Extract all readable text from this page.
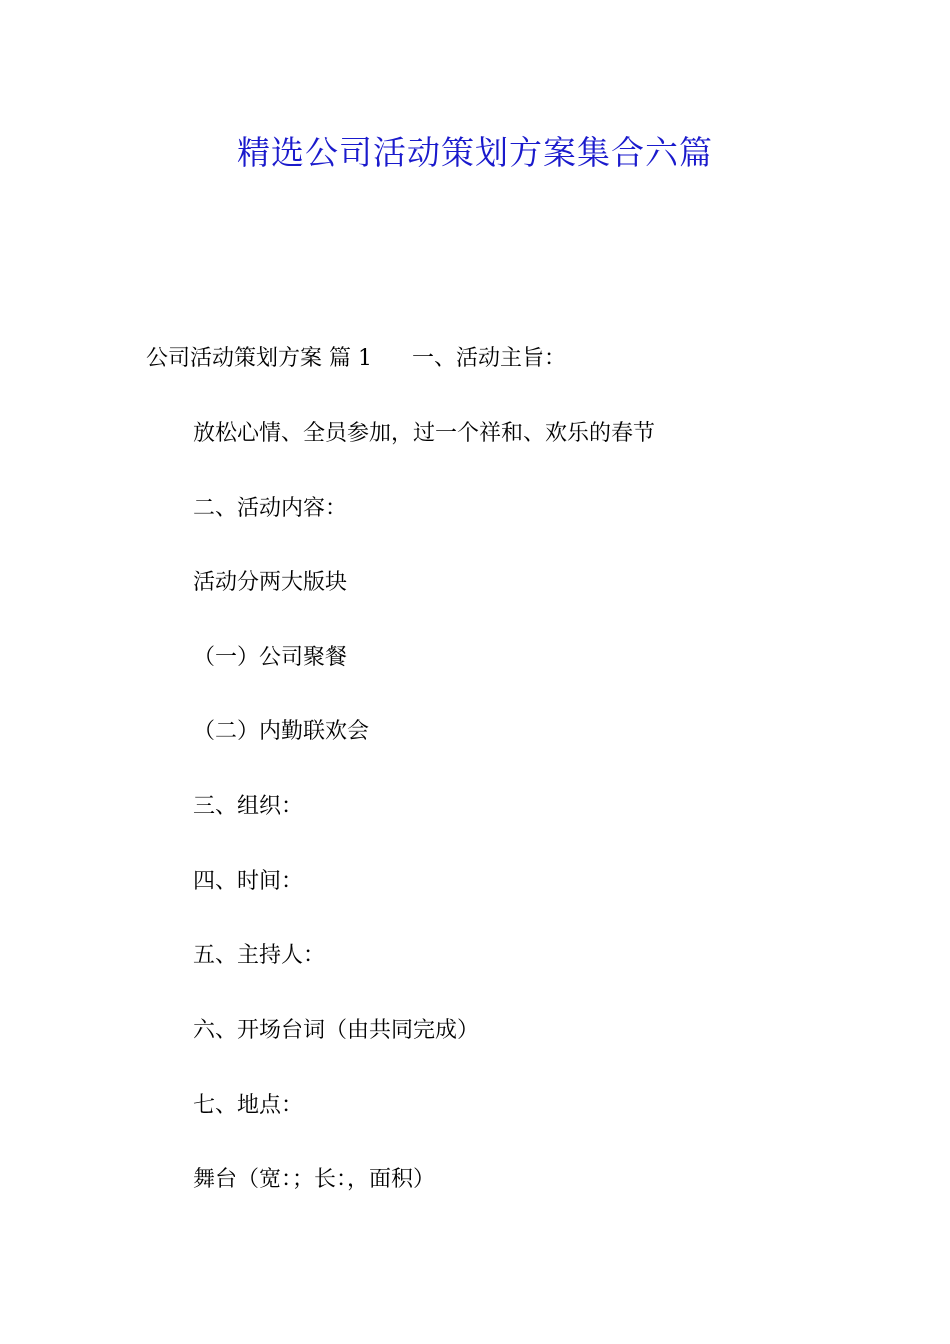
精选公司活动策划方案集合六篇
公司活动策划方案 篇 1 一、活动主旨：
放松心情、全员参加，过一个祥和、欢乐的春节
二、活动内容：
活动分两大版块
（一）公司聚餐
（二）内勤联欢会
三、组织：
四、时间：
五、主持人：
六、开场台词（由共同完成）
七、地点：
舞台（宽：；长：，面积）
